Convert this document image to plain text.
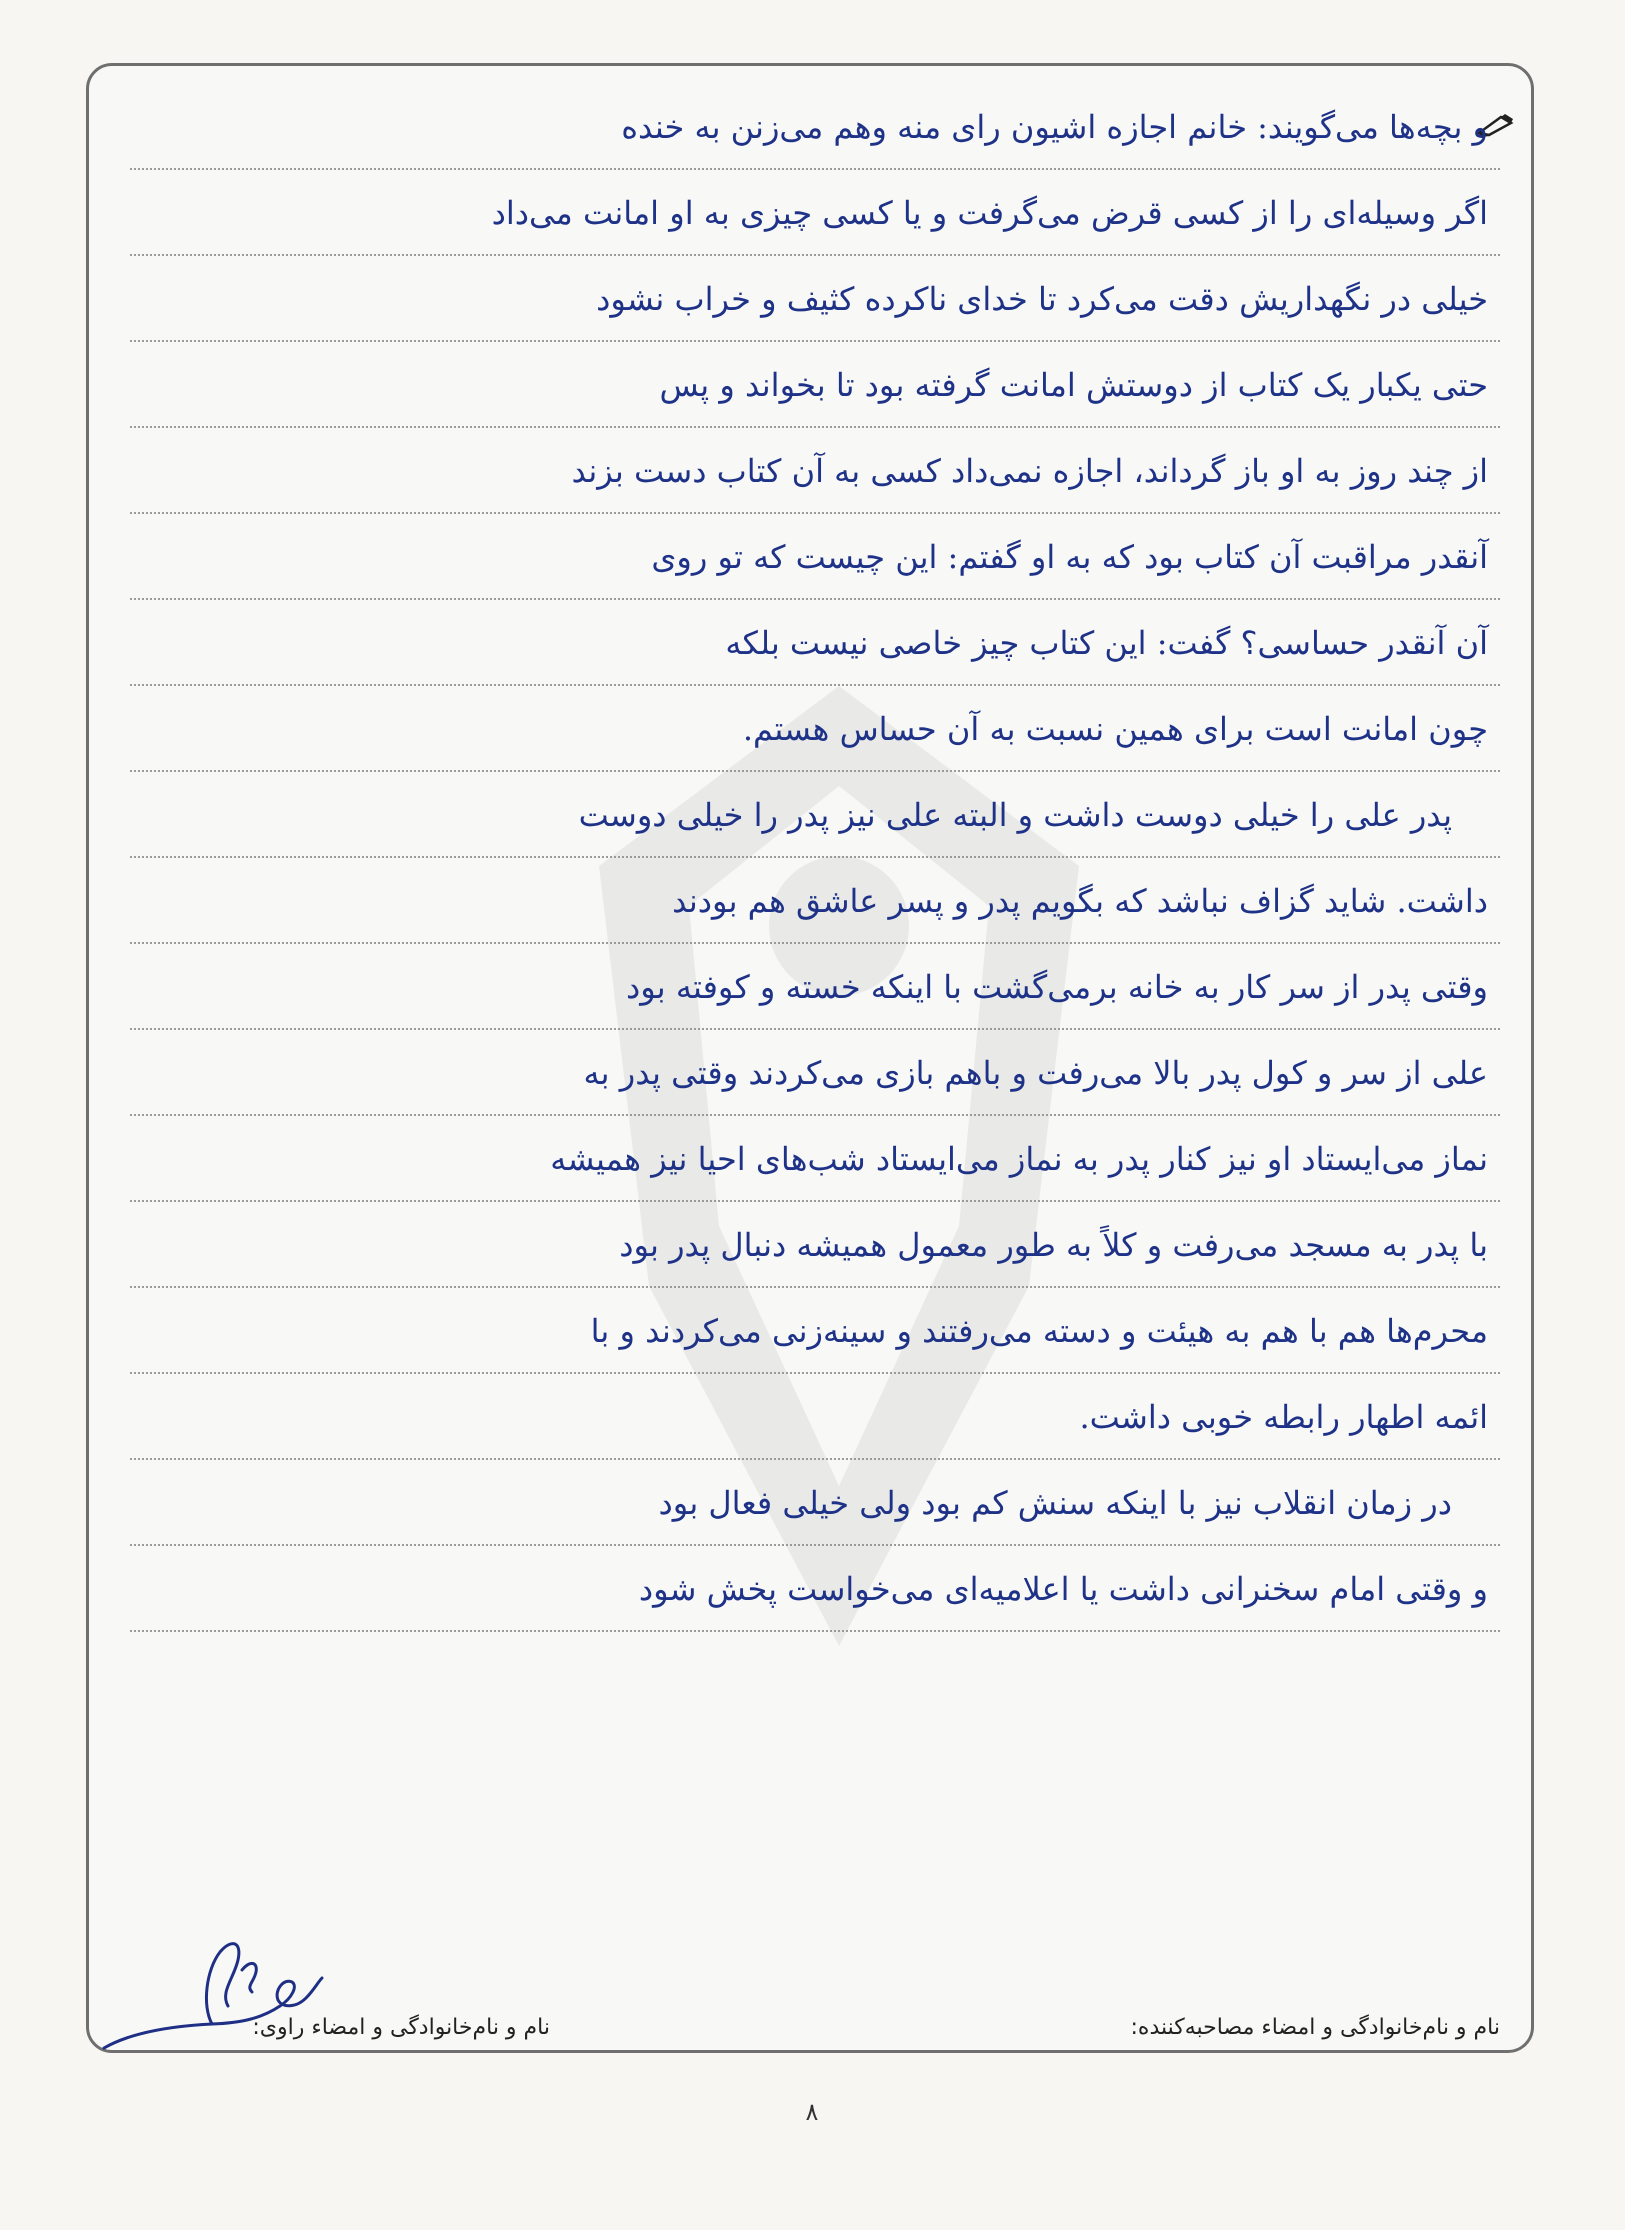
و بچه‌ها می‌گویند: خانم اجازه اشیون رای منه وهم می‌زنن به خنده
اگر وسیله‌ای را از کسی قرض می‌گرفت و یا کسی چیزی به او امانت می‌داد
خیلی در نگهداریش دقت می‌کرد تا خدای ناکرده کثیف و خراب نشود
حتی یکبار یک کتاب از دوستش امانت گرفته بود تا بخواند و پس
از چند روز به او باز گرداند، اجازه نمی‌داد کسی به آن کتاب دست بزند
آنقدر مراقبت آن کتاب بود که به او گفتم: این چیست که تو روی
آن آنقدر حساسی؟ گفت: این کتاب چیز خاصی نیست بلکه
چون امانت است برای همین نسبت به آن حساس هستم.
پدر علی را خیلی دوست داشت و البته علی نیز پدر را خیلی دوست
داشت. شاید گزاف نباشد که بگویم پدر و پسر عاشق هم بودند
وقتی پدر از سر کار به خانه برمی‌گشت با اینکه خسته و کوفته بود
علی از سر و کول پدر بالا می‌رفت و باهم بازی می‌کردند وقتی پدر به
نماز می‌ایستاد او نیز کنار پدر به نماز می‌ایستاد شب‌های احیا نیز همیشه
با پدر به مسجد می‌رفت و کلاً به طور معمول همیشه دنبال پدر بود
محرم‌ها هم با هم به هیئت و دسته می‌رفتند و سینه‌زنی می‌کردند و با
ائمه اطهار رابطه خوبی داشت.
در زمان انقلاب نیز با اینکه سنش کم بود ولی خیلی فعال بود
و وقتی امام سخنرانی داشت یا اعلامیه‌ای می‌خواست پخش شود
نام و نام‌خانوادگی و امضاء مصاحبه‌کننده:
نام و نام‌خانوادگی و امضاء راوی:
۸
